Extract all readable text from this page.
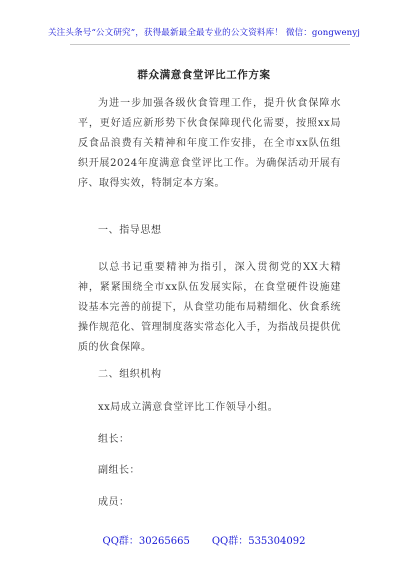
关注头条号“公文研究”，获得最新最全最专业的公文资料库！ 微信：gongwenyj
群众满意食堂评比工作方案

为进一步加强各级伙食管理工作，提升伙食保障水平，更好适应新形势下伙食保障现代化需要，按照xx局反食品浪费有关精神和年度工作安排，在全市xx队伍组织开展2024年度满意食堂评比工作。为确保活动开展有序、取得实效，特制定本方案。

一、指导思想

以总书记重要精神为指引，深入贯彻党的XX大精神，紧紧围绕全市xx队伍发展实际，在食堂硬件设施建设基本完善的前提下，从食堂功能布局精细化、伙食系统操作规范化、管理制度落实常态化入手，为指战员提供优质的伙食保障。

二、组织机构
xx局成立满意食堂评比工作领导小组。
组长：
副组长：
成员：
QQ群：30265665 QQ群：535304092
